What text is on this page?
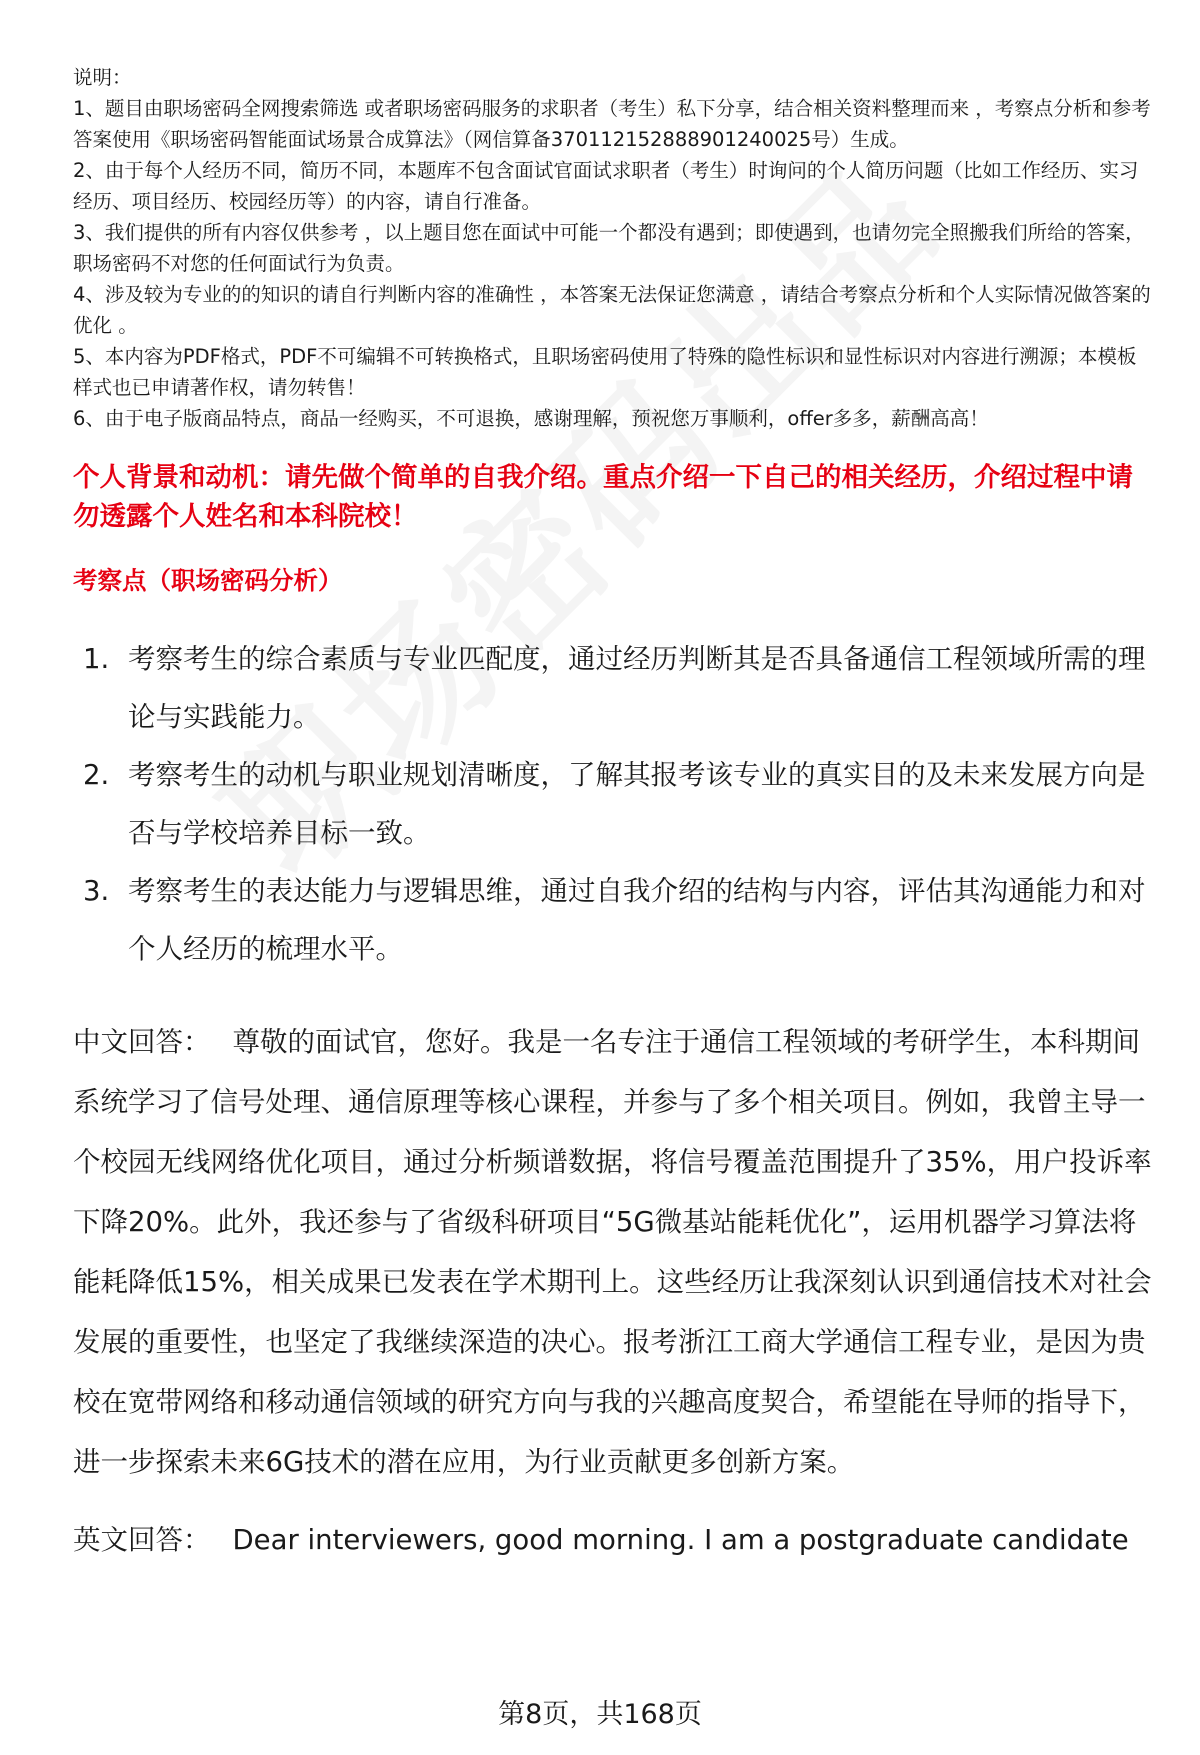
说明：

1、题目由职场密码全网搜索筛选 或者职场密码服务的求职者（考生）私下分享，结合相关资料整理而来 ，考察点分析和参考答案使用《职场密码智能面试场景合成算法》（网信算备370112152888901240025号）生成。

2、由于每个人经历不同，简历不同，本题库不包含面试官面试求职者（考生）时询问的个人简历问题（比如工作经历、实习经历、项目经历、校园经历等）的内容，请自行准备。

3、我们提供的所有内容仅供参考 ，以上题目您在面试中可能一个都没有遇到；即使遇到，也请勿完全照搬我们所给的答案，职场密码不对您的任何面试行为负责。

4、涉及较为专业的的知识的请自行判断内容的准确性 ，本答案无法保证您满意 ，请结合考察点分析和个人实际情况做答案的优化 。

5、本内容为PDF格式，PDF不可编辑不可转换格式，且职场密码使用了特殊的隐性标识和显性标识对内容进行溯源；本模板样式也已申请著作权，请勿转售！

6、由于电子版商品特点，商品一经购买，不可退换，感谢理解，预祝您万事顺利，offer多多，薪酬高高！

个人背景和动机：请先做个简单的自我介绍。重点介绍一下自己的相关经历，介绍过程中请勿透露个人姓名和本科院校！
考察点（职场密码分析）
1. 考察考生的综合素质与专业匹配度，通过经历判断其是否具备通信工程领域所需的理论与实践能力。
2. 考察考生的动机与职业规划清晰度，了解其报考该专业的真实目的及未来发展方向是否与学校培养目标一致。
3. 考察考生的表达能力与逻辑思维，通过自我介绍的结构与内容，评估其沟通能力和对个人经历的梳理水平。
中文回答： 尊敬的面试官，您好。我是一名专注于通信工程领域的考研学生，本科期间系统学习了信号处理、通信原理等核心课程，并参与了多个相关项目。例如，我曾主导一个校园无线网络优化项目，通过分析频谱数据，将信号覆盖范围提升了35%，用户投诉率下降20%。此外，我还参与了省级科研项目“5G微基站能耗优化”，运用机器学习算法将能耗降低15%，相关成果已发表在学术期刊上。这些经历让我深刻认识到通信技术对社会发展的重要性，也坚定了我继续深造的决心。报考浙江工商大学通信工程专业，是因为贵校在宽带网络和移动通信领域的研究方向与我的兴趣高度契合，希望能在导师的指导下，进一步探索未来6G技术的潜在应用，为行业贡献更多创新方案。
英文回答： Dear interviewers, good morning. I am a postgraduate candidate
第8页，共168页
